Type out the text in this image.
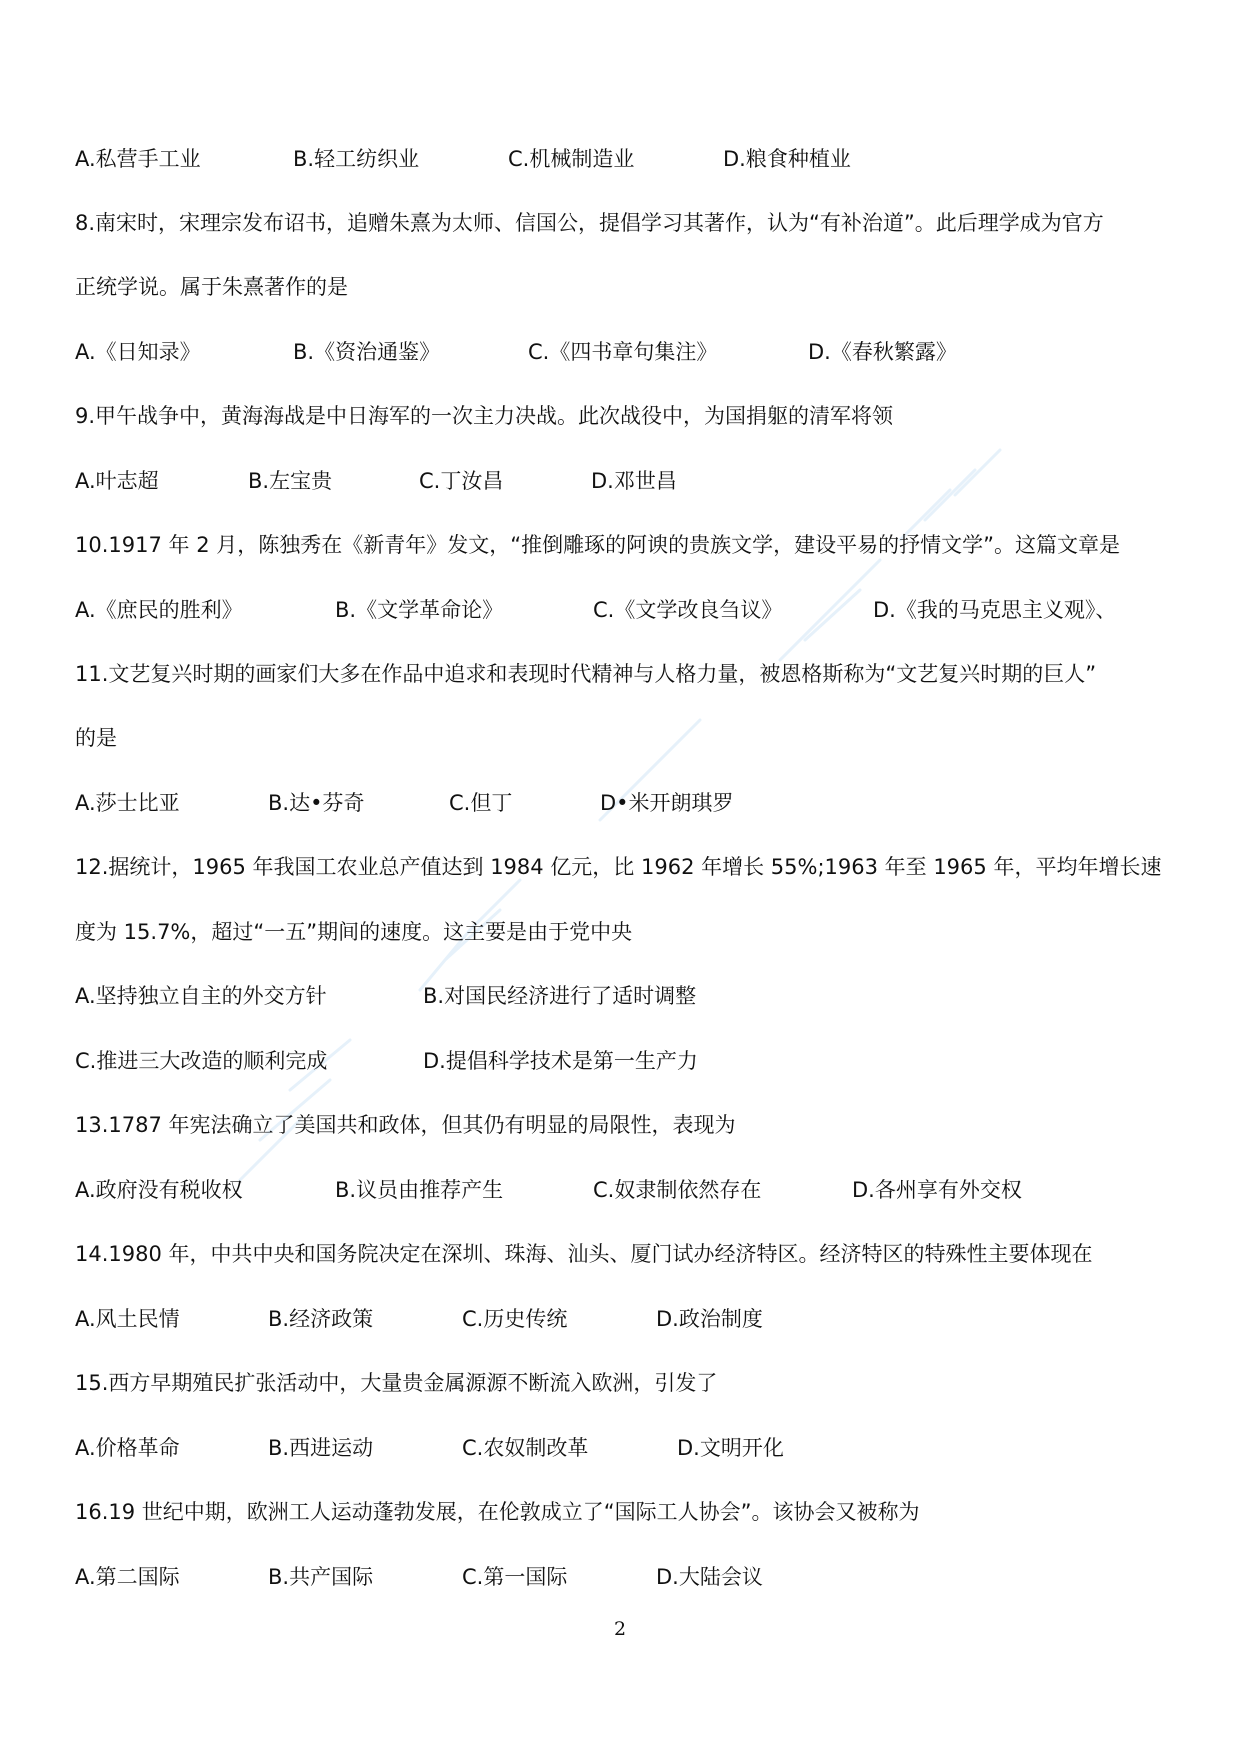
A.私营手工业	B.轻工纺织业	C.机械制造业	D.粮食种植业
8.南宋时，宋理宗发布诏书，追赠朱熹为太师、信国公，提倡学习其著作，认为“有补治道”。此后理学成为官方
正统学说。属于朱熹著作的是
A.《日知录》	B.《资治通鉴》	C.《四书章句集注》	D.《春秋繁露》
9.甲午战争中，黄海海战是中日海军的一次主力决战。此次战役中，为国捐躯的清军将领
A.叶志超	B.左宝贵	C.丁汝昌	D.邓世昌
10.1917 年 2 月，陈独秀在《新青年》发文，“推倒雕琢的阿谀的贵族文学，建设平易的抒情文学”。这篇文章是
A.《庶民的胜利》	B.《文学革命论》	C.《文学改良刍议》	D.《我的马克思主义观》、
11.文艺复兴时期的画家们大多在作品中追求和表现时代精神与人格力量，被恩格斯称为“文艺复兴时期的巨人”
的是
A.莎士比亚	B.达•芬奇	C.但丁	D•米开朗琪罗
12.据统计，1965 年我国工农业总产值达到 1984 亿元，比 1962 年增长 55%;1963 年至 1965 年，平均年增长速
度为 15.7%，超过“一五”期间的速度。这主要是由于党中央
A.坚持独立自主的外交方针	B.对国民经济进行了适时调整
C.推进三大改造的顺利完成	D.提倡科学技术是第一生产力
13.1787 年宪法确立了美国共和政体，但其仍有明显的局限性，表现为
A.政府没有税收权	B.议员由推荐产生	C.奴隶制依然存在	D.各州享有外交权
14.1980 年，中共中央和国务院决定在深圳、珠海、汕头、厦门试办经济特区。经济特区的特殊性主要体现在
A.风土民情	B.经济政策	C.历史传统	D.政治制度
15.西方早期殖民扩张活动中，大量贵金属源源不断流入欧洲，引发了
A.价格革命	B.西进运动	C.农奴制改革	D.文明开化
16.19 世纪中期，欧洲工人运动蓬勃发展，在伦敦成立了“国际工人协会”。该协会又被称为
A.第二国际	B.共产国际	C.第一国际	D.大陆会议
2
